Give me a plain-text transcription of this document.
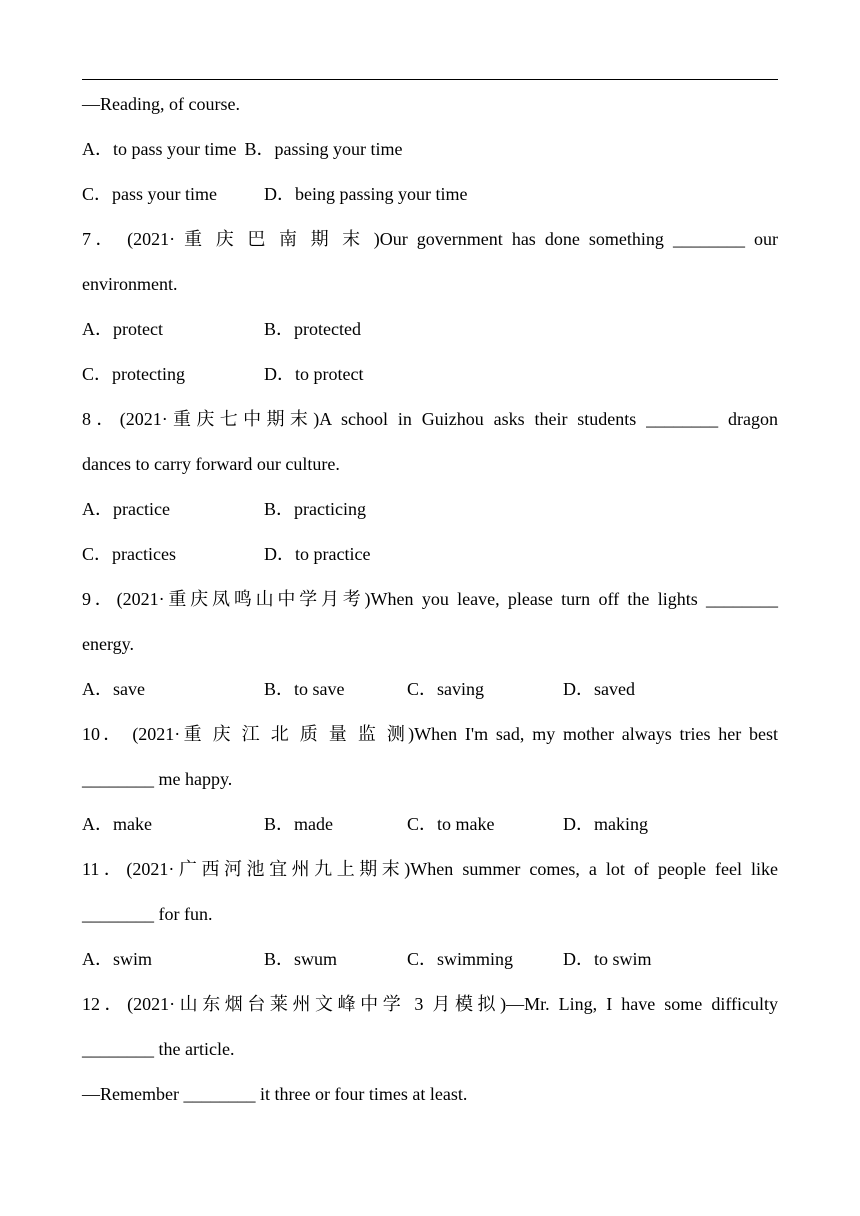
—Reading, of course.
A．to pass your time B．passing your time
C．pass your time	D．being passing your time
7． (2021· 重 庆 巴 南 期 末 )Our government has done something ________ our
environment.
A．protect	B．protected
C．protecting	D．to protect
8．(2021·重庆七中期末)A school in Guizhou asks their students ________ dragon
dances to carry forward our culture.
A．practice	B．practicing
C．practices	D．to practice
9．(2021·重庆凤鸣山中学月考)When you leave, please turn off the lights ________
energy.
A．save	B．to save	C．saving	D．saved
10． (2021·重 庆 江 北 质 量 监 测)When I'm sad, my mother always tries her best
________ me happy.
A．make	B．made	C．to make	D．making
11．(2021·广西河池宜州九上期末)When summer comes, a lot of people feel like
________ for fun.
A．swim	B．swum	C．swimming	D．to swim
12．(2021·山东烟台莱州文峰中学 3 月模拟)—Mr. Ling, I have some difficulty
________ the article.
—Remember ________ it three or four times at least.
